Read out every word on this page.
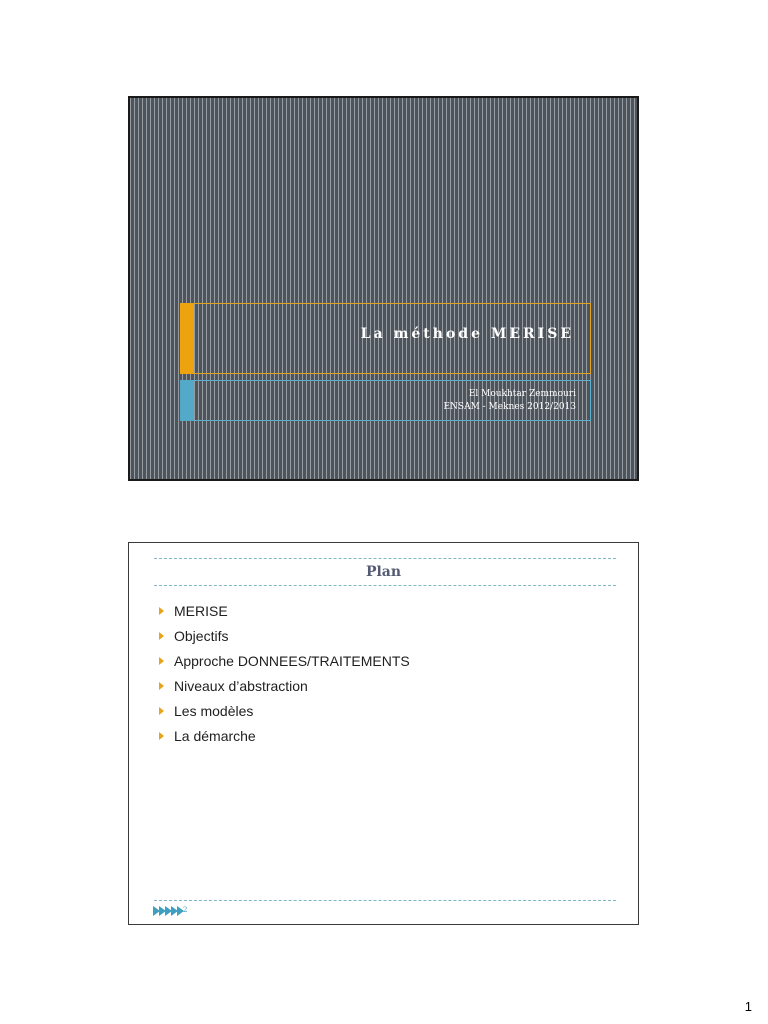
La méthode MERISE
El Moukhtar Zemmouri
ENSAM - Meknes 2012/2013
Plan
MERISE
Objectifs
Approche DONNEES/TRAITEMENTS
Niveaux d’abstraction
Les modèles
La démarche
2
1
